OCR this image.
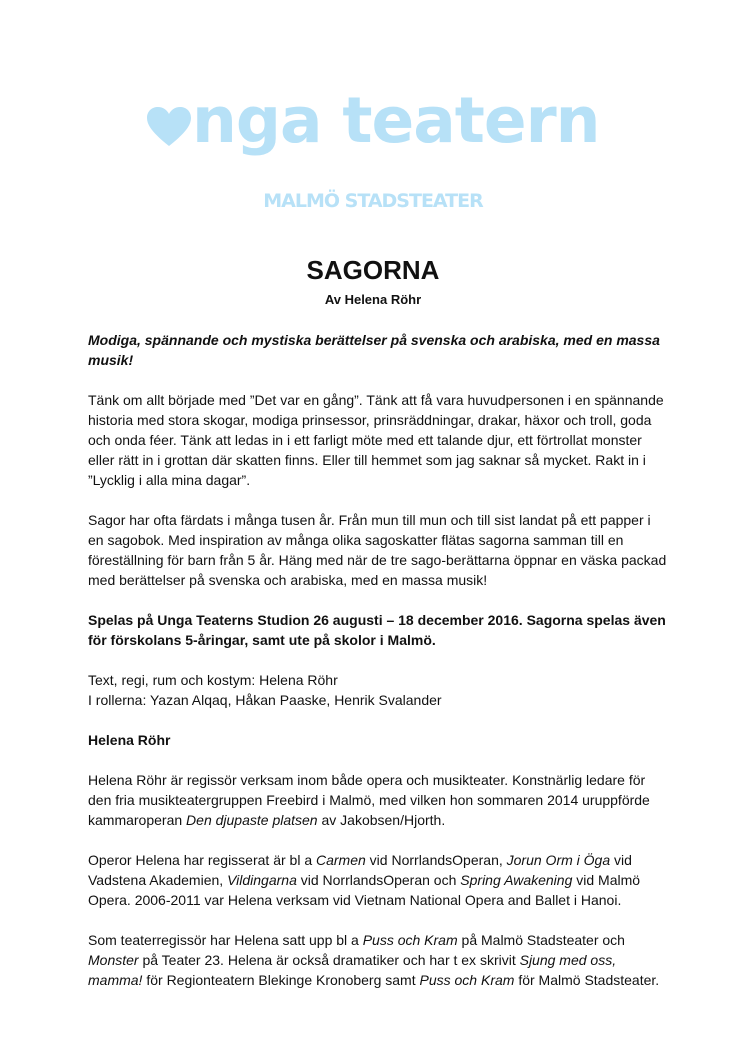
nga teatern
MALMÖ STADSTEATER
SAGORNA
Av Helena Röhr

Modiga, spännande och mystiska berättelser på svenska och arabiska, med en massa musik!

Tänk om allt började med ”Det var en gång”. Tänk att få vara huvudpersonen i en spännande historia med stora skogar, modiga prinsessor, prinsräddningar, drakar, häxor och troll, goda och onda féer. Tänk att ledas in i ett farligt möte med ett talande djur, ett förtrollat monster eller rätt in i grottan där skatten finns. Eller till hemmet som jag saknar så mycket. Rakt in i ”Lycklig i alla mina dagar”.

Sagor har ofta färdats i många tusen år. Från mun till mun och till sist landat på ett papper i en sagobok. Med inspiration av många olika sagoskatter flätas sagorna samman till en föreställning för barn från 5 år. Häng med när de tre sago-berättarna öppnar en väska packad med berättelser på svenska och arabiska, med en massa musik!

Spelas på Unga Teaterns Studion 26 augusti – 18 december 2016. Sagorna spelas även för förskolans 5-åringar, samt ute på skolor i Malmö.

Text, regi, rum och kostym: Helena Röhr
I rollerna: Yazan Alqaq, Håkan Paaske, Henrik Svalander

Helena Röhr

Helena Röhr är regissör verksam inom både opera och musikteater. Konstnärlig ledare för den fria musikteatergruppen Freebird i Malmö, med vilken hon sommaren 2014 uruppförde kammaroperan Den djupaste platsen av Jakobsen/Hjorth.

Operor Helena har regisserat är bl a Carmen vid NorrlandsOperan, Jorun Orm i Öga vid Vadstena Akademien, Vildingarna vid NorrlandsOperan och Spring Awakening vid Malmö Opera. 2006-2011 var Helena verksam vid Vietnam National Opera and Ballet i Hanoi.

Som teaterregissör har Helena satt upp bl a Puss och Kram på Malmö Stadsteater och Monster på Teater 23. Helena är också dramatiker och har t ex skrivit Sjung med oss, mamma! för Regionteatern Blekinge Kronoberg samt Puss och Kram för Malmö Stadsteater.
